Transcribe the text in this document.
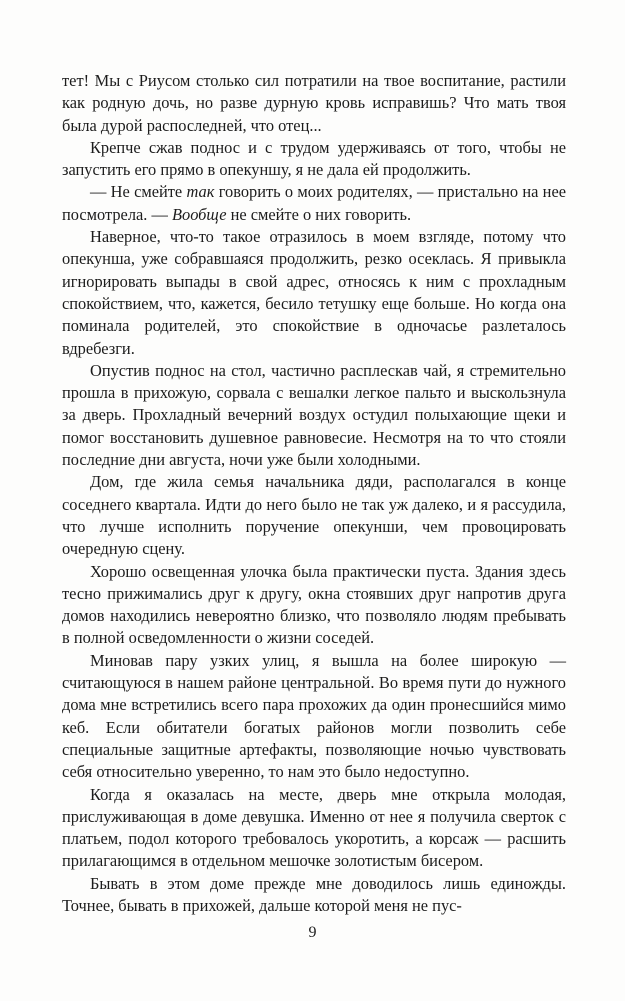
тет! Мы с Риусом столько сил потратили на твое воспитание, растили как родную дочь, но разве дурную кровь исправишь? Что мать твоя была дурой распоследней, что отец...

Крепче сжав поднос и с трудом удерживаясь от того, чтобы не запустить его прямо в опекуншу, я не дала ей продолжить.

— Не смейте так говорить о моих родителях, — пристально на нее посмотрела. — Вообще не смейте о них говорить.

Наверное, что-то такое отразилось в моем взгляде, потому что опекунша, уже собравшаяся продолжить, резко осеклась. Я привыкла игнорировать выпады в свой адрес, относясь к ним с прохладным спокойствием, что, кажется, бесило тетушку еще больше. Но когда она поминала родителей, это спокойствие в одночасье разлеталось вдребезги.

Опустив поднос на стол, частично расплескав чай, я стремительно прошла в прихожую, сорвала с вешалки легкое пальто и выскользнула за дверь. Прохладный вечерний воздух остудил полыхающие щеки и помог восстановить душевное равновесие. Несмотря на то что стояли последние дни августа, ночи уже были холодными.

Дом, где жила семья начальника дяди, располагался в конце соседнего квартала. Идти до него было не так уж далеко, и я рассудила, что лучше исполнить поручение опекунши, чем провоцировать очередную сцену.

Хорошо освещенная улочка была практически пуста. Здания здесь тесно прижимались друг к другу, окна стоявших друг напротив друга домов находились невероятно близко, что позволяло людям пребывать в полной осведомленности о жизни соседей.

Миновав пару узких улиц, я вышла на более широкую — считающуюся в нашем районе центральной. Во время пути до нужного дома мне встретились всего пара прохожих да один пронесшийся мимо кеб. Если обитатели богатых районов могли позволить себе специальные защитные артефакты, позволяющие ночью чувствовать себя относительно уверенно, то нам это было недоступно.

Когда я оказалась на месте, дверь мне открыла молодая, прислуживающая в доме девушка. Именно от нее я получила сверток с платьем, подол которого требовалось укоротить, а корсаж — расшить прилагающимся в отдельном мешочке золотистым бисером.

Бывать в этом доме прежде мне доводилось лишь единожды. Точнее, бывать в прихожей, дальше которой меня не пус-

9
